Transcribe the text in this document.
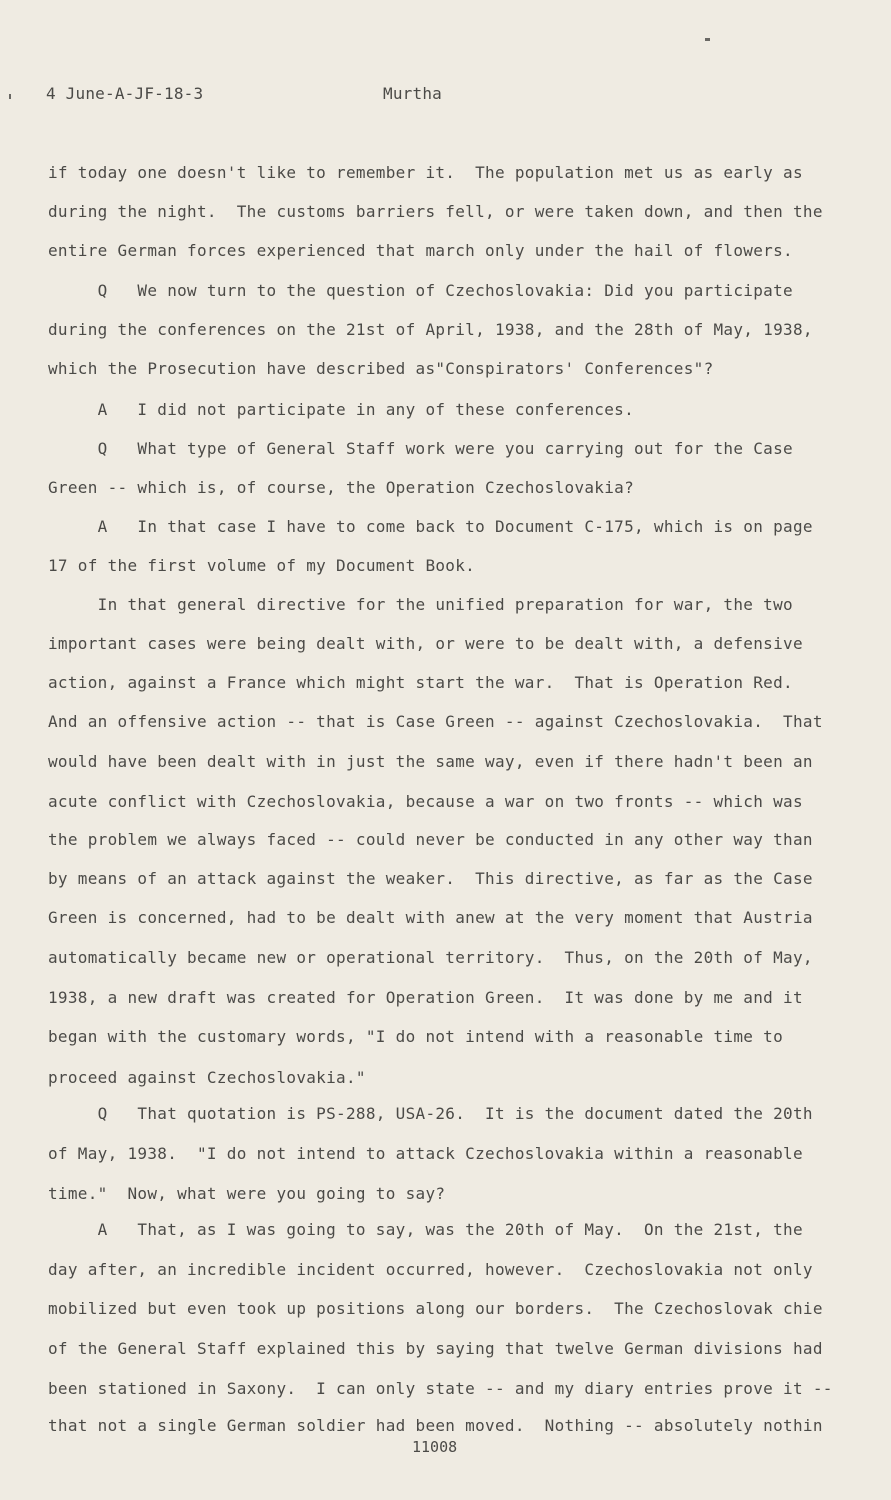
4 June-A-JF-18-3	Murtha
if today one doesn't like to remember it.  The population met us as early as
during the night.  The customs barriers fell, or were taken down, and then the
entire German forces experienced that march only under the hail of flowers.
Q   We now turn to the question of Czechoslovakia: Did you participate
during the conferences on the 21st of April, 1938, and the 28th of May, 1938,
which the Prosecution have described as"Conspirators' Conferences"?
A   I did not participate in any of these conferences.
Q   What type of General Staff work were you carrying out for the Case
Green -- which is, of course, the Operation Czechoslovakia?
A   In that case I have to come back to Document C-175, which is on page
17 of the first volume of my Document Book.
In that general directive for the unified preparation for war, the two
important cases were being dealt with, or were to be dealt with, a defensive
action, against a France which might start the war.  That is Operation Red.
And an offensive action -- that is Case Green -- against Czechoslovakia.  That
would have been dealt with in just the same way, even if there hadn't been an
acute conflict with Czechoslovakia, because a war on two fronts -- which was
the problem we always faced -- could never be conducted in any other way than
by means of an attack against the weaker.  This directive, as far as the Case
Green is concerned, had to be dealt with anew at the very moment that Austria
automatically became new or operational territory.  Thus, on the 20th of May,
1938, a new draft was created for Operation Green.  It was done by me and it
began with the customary words, "I do not intend with a reasonable time to
proceed against Czechoslovakia."
Q   That quotation is PS-288, USA-26.  It is the document dated the 20th
of May, 1938.  "I do not intend to attack Czechoslovakia within a reasonable
time."  Now, what were you going to say?
A   That, as I was going to say, was the 20th of May.  On the 21st, the
day after, an incredible incident occurred, however.  Czechoslovakia not only
mobilized but even took up positions along our borders.  The Czechoslovak chie
of the General Staff explained this by saying that twelve German divisions had
been stationed in Saxony.  I can only state -- and my diary entries prove it --
that not a single German soldier had been moved.  Nothing -- absolutely nothin
11008
